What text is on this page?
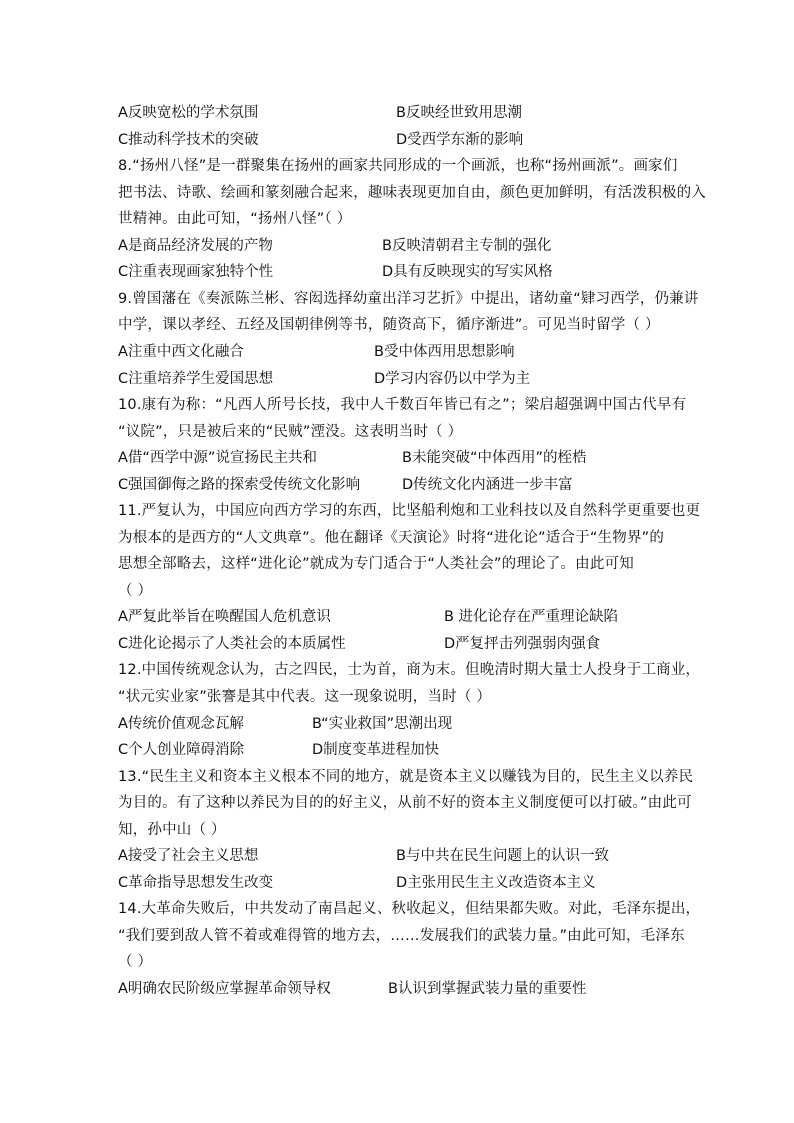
A反映宽松的学术氛围	B反映经世致用思潮
C推动科学技术的突破	D受西学东渐的影响
8.“扬州八怪”是一群聚集在扬州的画家共同形成的一个画派，也称“扬州画派”。画家们
把书法、诗歌、绘画和篆刻融合起来，趣味表现更加自由，颜色更加鲜明，有活泼积极的入
世精神。由此可知，“扬州八怪”（ ）
A是商品经济发展的产物	B反映清朝君主专制的强化
C注重表现画家独特个性	D具有反映现实的写实风格
9.曾国藩在《奏派陈兰彬、容闳选择幼童出洋习艺折》中提出，诸幼童“肄习西学，仍兼讲
中学，课以孝经、五经及国朝律例等书，随资高下，循序渐进”。可见当时留学（ ）
A注重中西文化融合	B受中体西用思想影响
C注重培养学生爱国思想	D学习内容仍以中学为主
10.康有为称：“凡西人所号长技，我中人千数百年皆已有之”；梁启超强调中国古代早有
“议院”，只是被后来的“民贼”湮没。这表明当时（ ）
A借“西学中源”说宣扬民主共和	B未能突破“中体西用”的桎梏
C强国御侮之路的探索受传统文化影响	D传统文化内涵进一步丰富
11.严复认为，中国应向西方学习的东西，比坚船利炮和工业科技以及自然科学更重要也更
为根本的是西方的“人文典章”。他在翻译《天演论》时将“进化论”适合于“生物界”的
思想全部略去，这样“进化论”就成为专门适合于“人类社会”的理论了。由此可知
（ ）
A严复此举旨在唤醒国人危机意识	B 进化论存在严重理论缺陷
C进化论揭示了人类社会的本质属性	D严复抨击列强弱肉强食
12.中国传统观念认为，古之四民，士为首，商为末。但晚清时期大量士人投身于工商业，
“状元实业家”张謇是其中代表。这一现象说明，当时（ ）
A传统价值观念瓦解	B“实业救国”思潮出现
C个人创业障碍消除	D制度变革进程加快
13.“民生主义和资本主义根本不同的地方，就是资本主义以赚钱为目的，民生主义以养民
为目的。有了这种以养民为目的的好主义，从前不好的资本主义制度便可以打破。”由此可
知，孙中山（ ）
A接受了社会主义思想	B与中共在民生问题上的认识一致
C革命指导思想发生改变	D主张用民生主义改造资本主义
14.大革命失败后，中共发动了南昌起义、秋收起义，但结果都失败。对此，毛泽东提出，
“我们要到敌人管不着或难得管的地方去，……发展我们的武装力量。”由此可知，毛泽东
（ ）
A明确农民阶级应掌握革命领导权	B认识到掌握武装力量的重要性
